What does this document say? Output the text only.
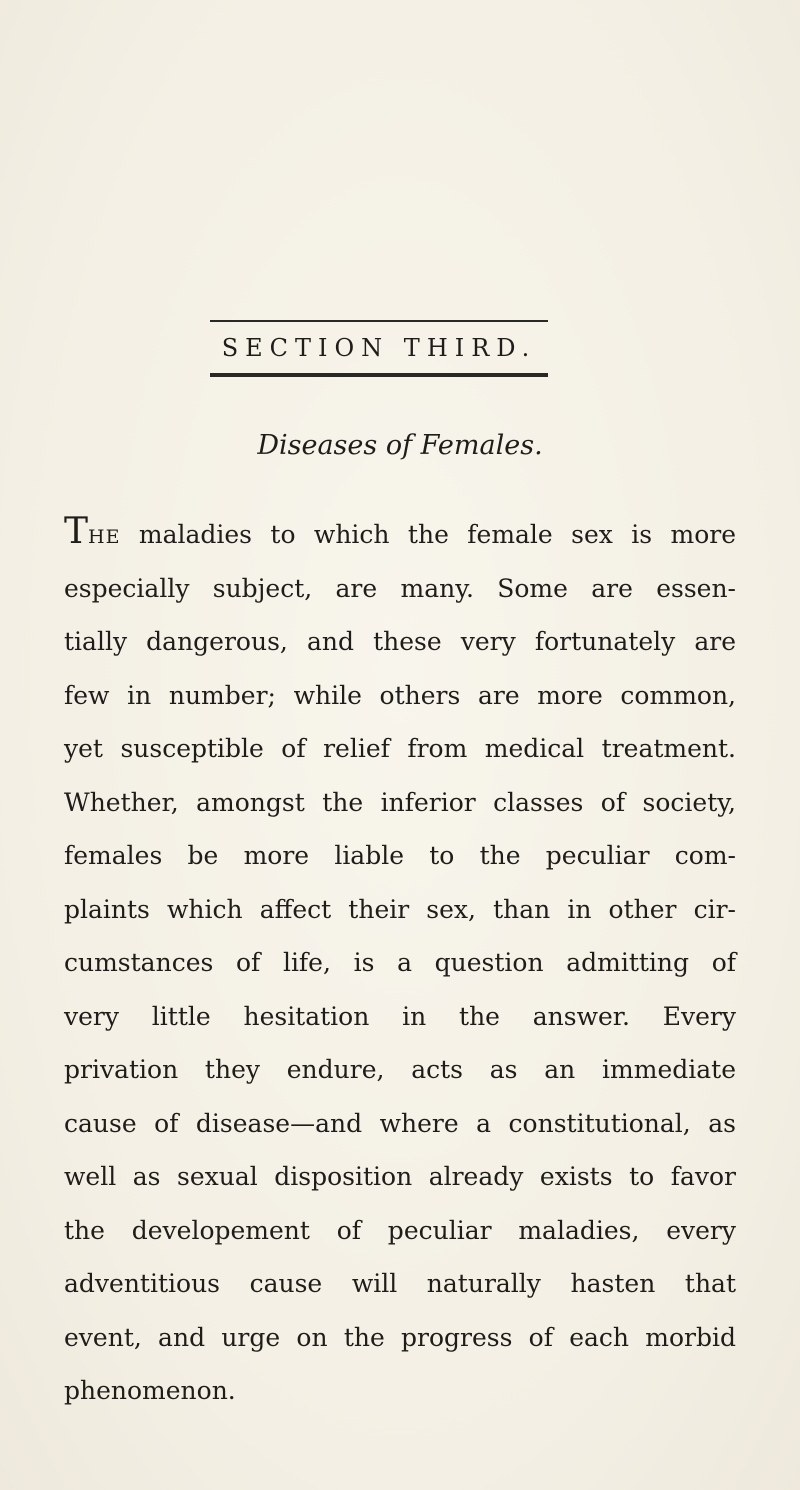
SECTION THIRD.
Diseases of Females.
THE maladies to which the female sex is more
especially subject, are many. Some are essen-
tially dangerous, and these very fortunately are
few in number; while others are more common,
yet susceptible of relief from medical treatment.
Whether, amongst the inferior classes of society,
females be more liable to the peculiar com-
plaints which affect their sex, than in other cir-
cumstances of life, is a question admitting of
very little hesitation in the answer. Every
privation they endure, acts as an immediate
cause of disease—and where a constitutional, as
well as sexual disposition already exists to favor
the developement of peculiar maladies, every
adventitious cause will naturally hasten that
event, and urge on the progress of each morbid
phenomenon.
